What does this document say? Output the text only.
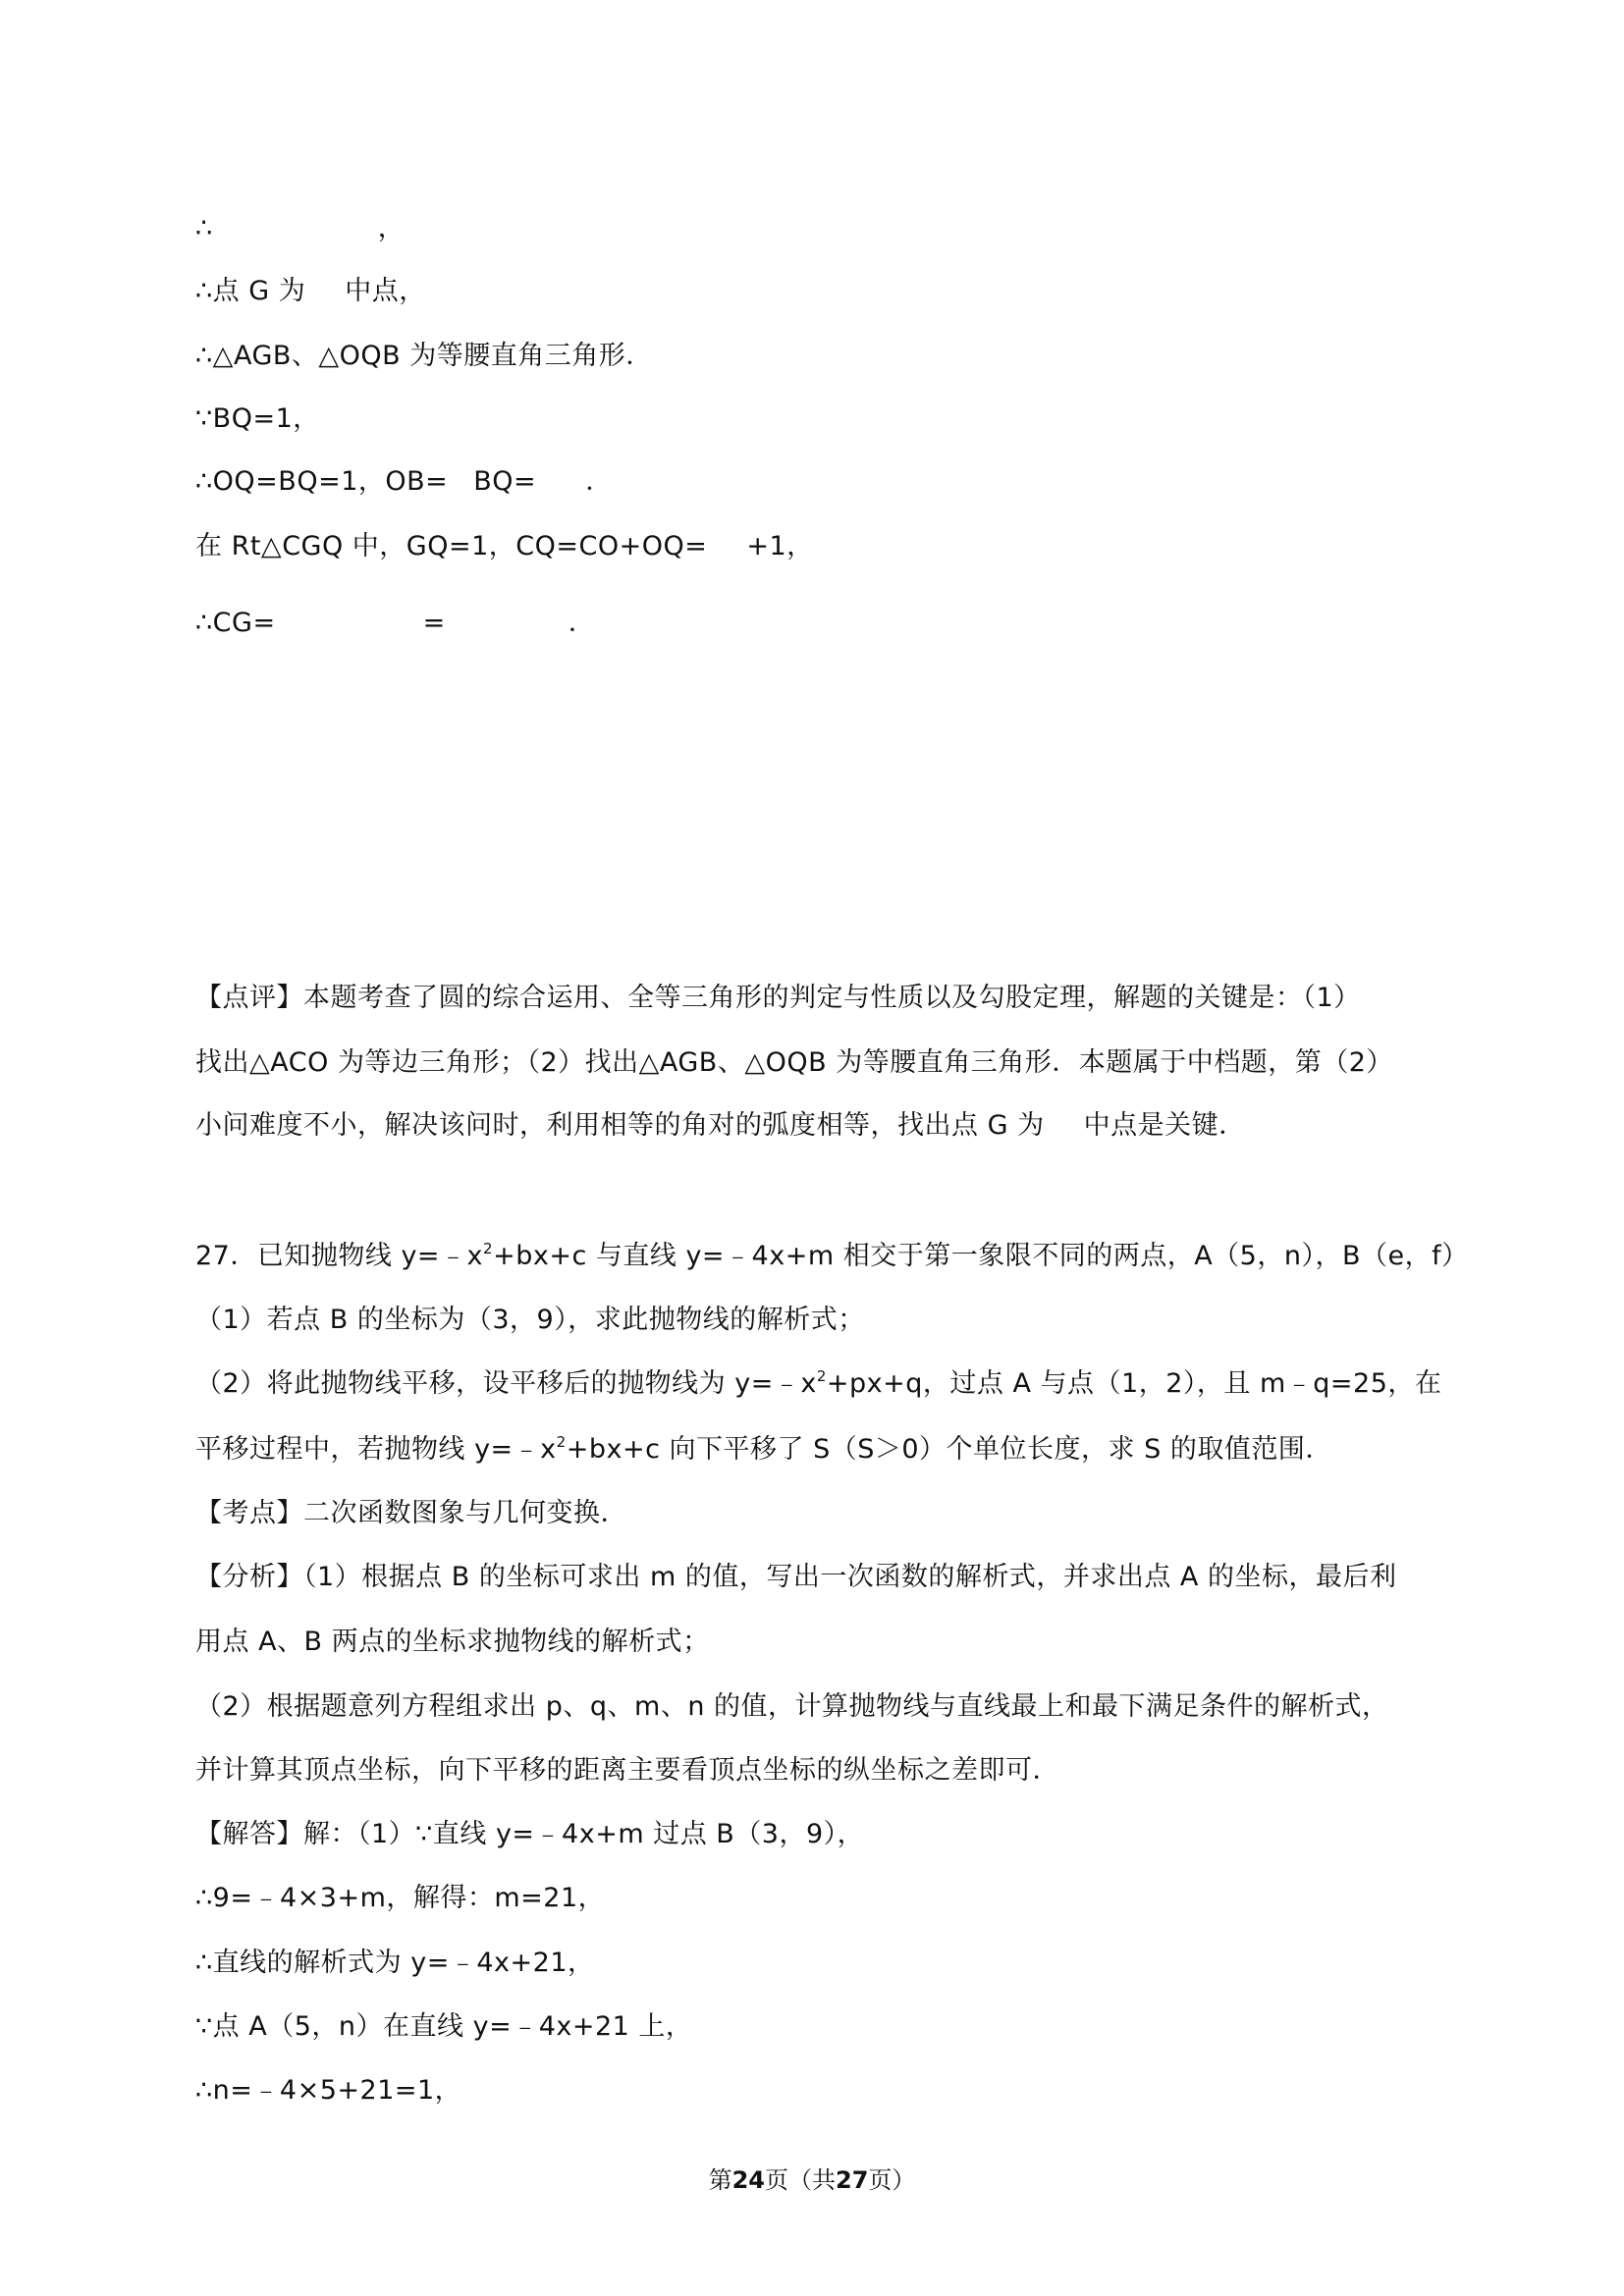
∴	，
∴点 G 为 中点，
∴△AGB、△OQB 为等腰直角三角形．
∵BQ=1，
∴OQ=BQ=1，OB= BQ= ．
在 Rt△CGQ 中，GQ=1，CQ=CO+OQ= +1，
∴CG=	=	．
【点评】本题考查了圆的综合运用、全等三角形的判定与性质以及勾股定理，解题的关键是：（1）
找出△ACO 为等边三角形；（2）找出△AGB、△OQB 为等腰直角三角形．本题属于中档题，第（2）
小问难度不小，解决该问时，利用相等的角对的弧度相等，找出点 G 为 中点是关键．
27．已知抛物线 $y=﹣x^2+bx+c$ 与直线 y=﹣4x+m 相交于第一象限不同的两点，A（5，n），B（e，f）
（1）若点 B 的坐标为（3，9），求此抛物线的解析式；
（2）将此抛物线平移，设平移后的抛物线为 $y=﹣x^2+px+q$，过点 A 与点（1，2），且 m﹣q=25，在
平移过程中，若抛物线 $y=﹣x^2+bx+c$ 向下平移了 S（S＞0）个单位长度，求 S 的取值范围．
【考点】二次函数图象与几何变换．
【分析】（1）根据点 B 的坐标可求出 m 的值，写出一次函数的解析式，并求出点 A 的坐标，最后利
用点 A、B 两点的坐标求抛物线的解析式；
（2）根据题意列方程组求出 p、q、m、n 的值，计算抛物线与直线最上和最下满足条件的解析式，
并计算其顶点坐标，向下平移的距离主要看顶点坐标的纵坐标之差即可．
【解答】解：（1）∵直线 y=﹣4x+m 过点 B（3，9），
∴9=﹣4×3+m，解得：m=21，
∴直线的解析式为 y=﹣4x+21，
∵点 A（5，n）在直线 y=﹣4x+21 上，
∴n=﹣4×5+21=1，
第24页（共27页）
